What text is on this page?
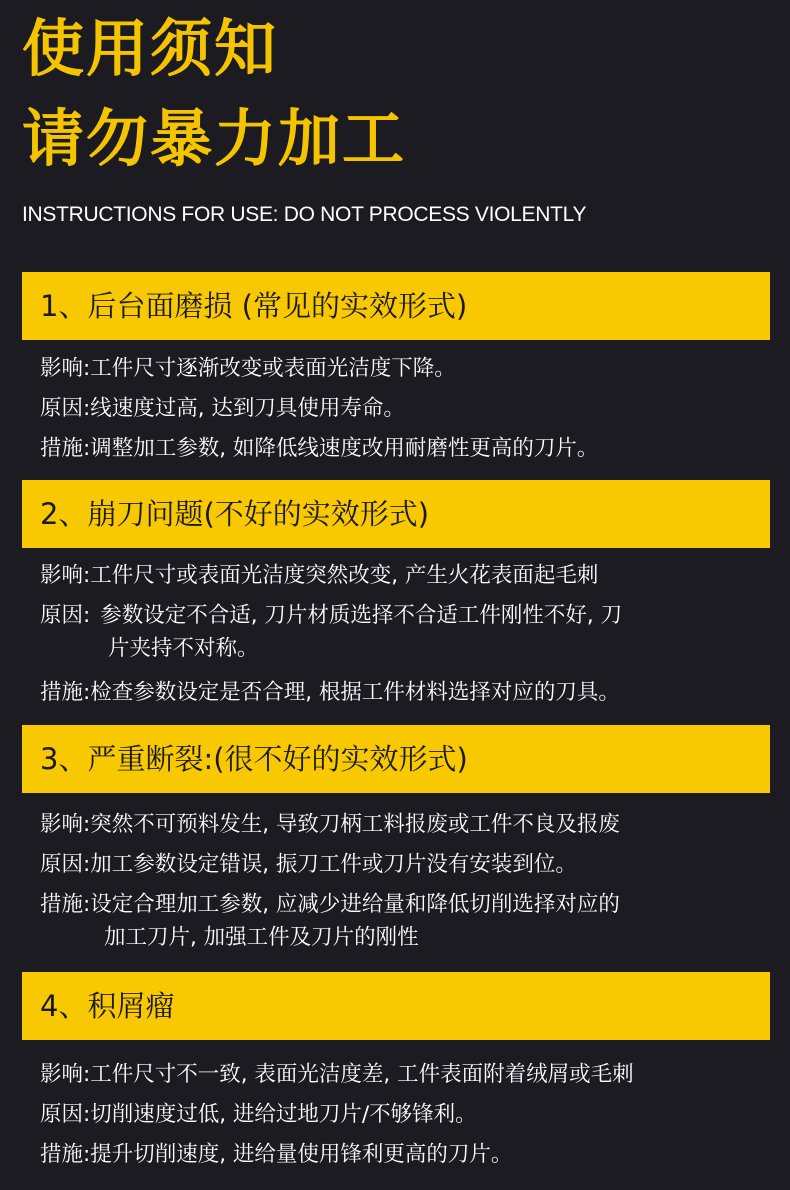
使用须知
请勿暴力加工
INSTRUCTIONS FOR USE: DO NOT PROCESS VIOLENTLY
1、后台面磨损 (常见的实效形式)
影响: 工件尺寸逐渐改变或表面光洁度下降。
原因: 线速度过高, 达到刀具使用寿命。
措施: 调整加工参数, 如降低线速度改用耐磨性更高的刀片。
2、崩刀问题(不好的实效形式)
影响: 工件尺寸或表面光洁度突然改变, 产生火花表面起毛刺
原因: 参数设定不合适, 刀片材质选择不合适工件刚性不好, 刀
片夹持不对称。
措施: 检查参数设定是否合理, 根据工件材料选择对应的刀具。
3、严重断裂:(很不好的实效形式)
影响: 突然不可预料发生, 导致刀柄工料报废或工件不良及报废
原因: 加工参数设定错误, 振刀工件或刀片没有安装到位。
措施: 设定合理加工参数, 应减少进给量和降低切削选择对应的
加工刀片, 加强工件及刀片的刚性
4、积屑瘤
影响: 工件尺寸不一致, 表面光洁度差, 工件表面附着绒屑或毛刺
原因: 切削速度过低, 进给过地刀片/不够锋利。
措施: 提升切削速度, 进给量使用锋利更高的刀片。
